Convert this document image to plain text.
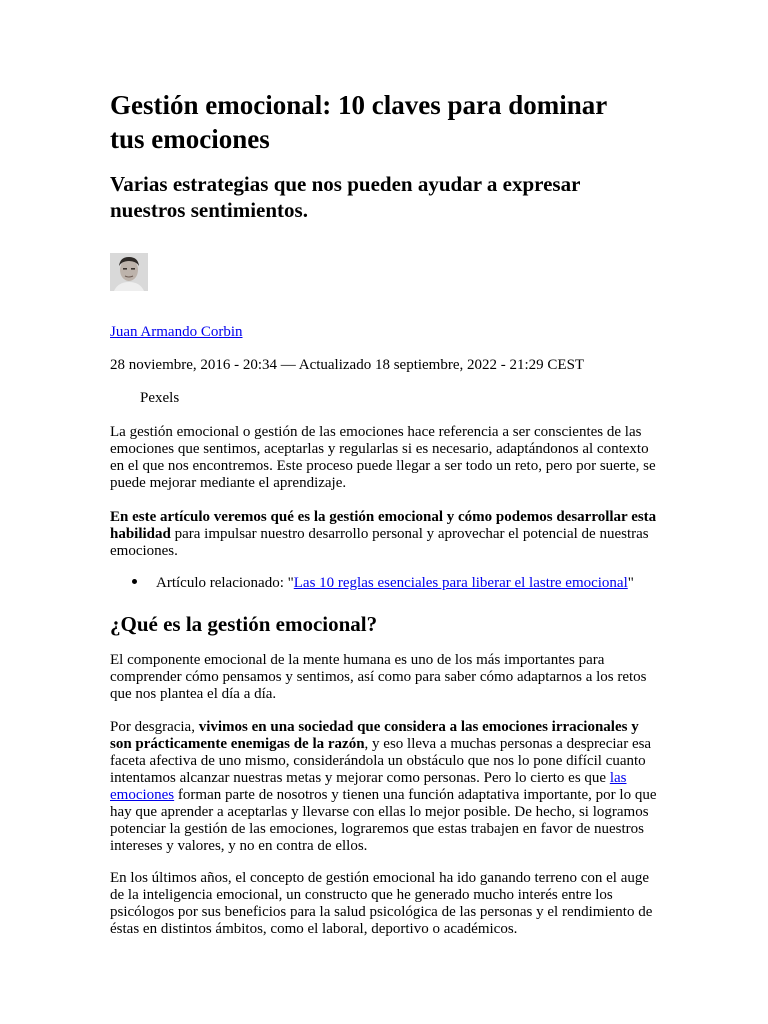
Gestión emocional: 10 claves para dominar tus emociones
Varias estrategias que nos pueden ayudar a expresar nuestros sentimientos.
Juan Armando Corbin
28 noviembre, 2016 - 20:34 — Actualizado 18 septiembre, 2022 - 21:29 CEST
Pexels

La gestión emocional o gestión de las emociones hace referencia a ser conscientes de las emociones que sentimos, aceptarlas y regularlas si es necesario, adaptándonos al contexto en el que nos encontremos. Este proceso puede llegar a ser todo un reto, pero por suerte, se puede mejorar mediante el aprendizaje.

En este artículo veremos qué es la gestión emocional y cómo podemos desarrollar esta habilidad para impulsar nuestro desarrollo personal y aprovechar el potencial de nuestras emociones.

Artículo relacionado: "Las 10 reglas esenciales para liberar el lastre emocional"
¿Qué es la gestión emocional?

El componente emocional de la mente humana es uno de los más importantes para comprender cómo pensamos y sentimos, así como para saber cómo adaptarnos a los retos que nos plantea el día a día.

Por desgracia, vivimos en una sociedad que considera a las emociones irracionales y son prácticamente enemigas de la razón, y eso lleva a muchas personas a despreciar esa faceta afectiva de uno mismo, considerándola un obstáculo que nos lo pone difícil cuanto intentamos alcanzar nuestras metas y mejorar como personas. Pero lo cierto es que las emociones forman parte de nosotros y tienen una función adaptativa importante, por lo que hay que aprender a aceptarlas y llevarse con ellas lo mejor posible. De hecho, si logramos potenciar la gestión de las emociones, lograremos que estas trabajen en favor de nuestros intereses y valores, y no en contra de ellos.

En los últimos años, el concepto de gestión emocional ha ido ganando terreno con el auge de la inteligencia emocional, un constructo que he generado mucho interés entre los psicólogos por sus beneficios para la salud psicológica de las personas y el rendimiento de éstas en distintos ámbitos, como el laboral, deportivo o académicos.
